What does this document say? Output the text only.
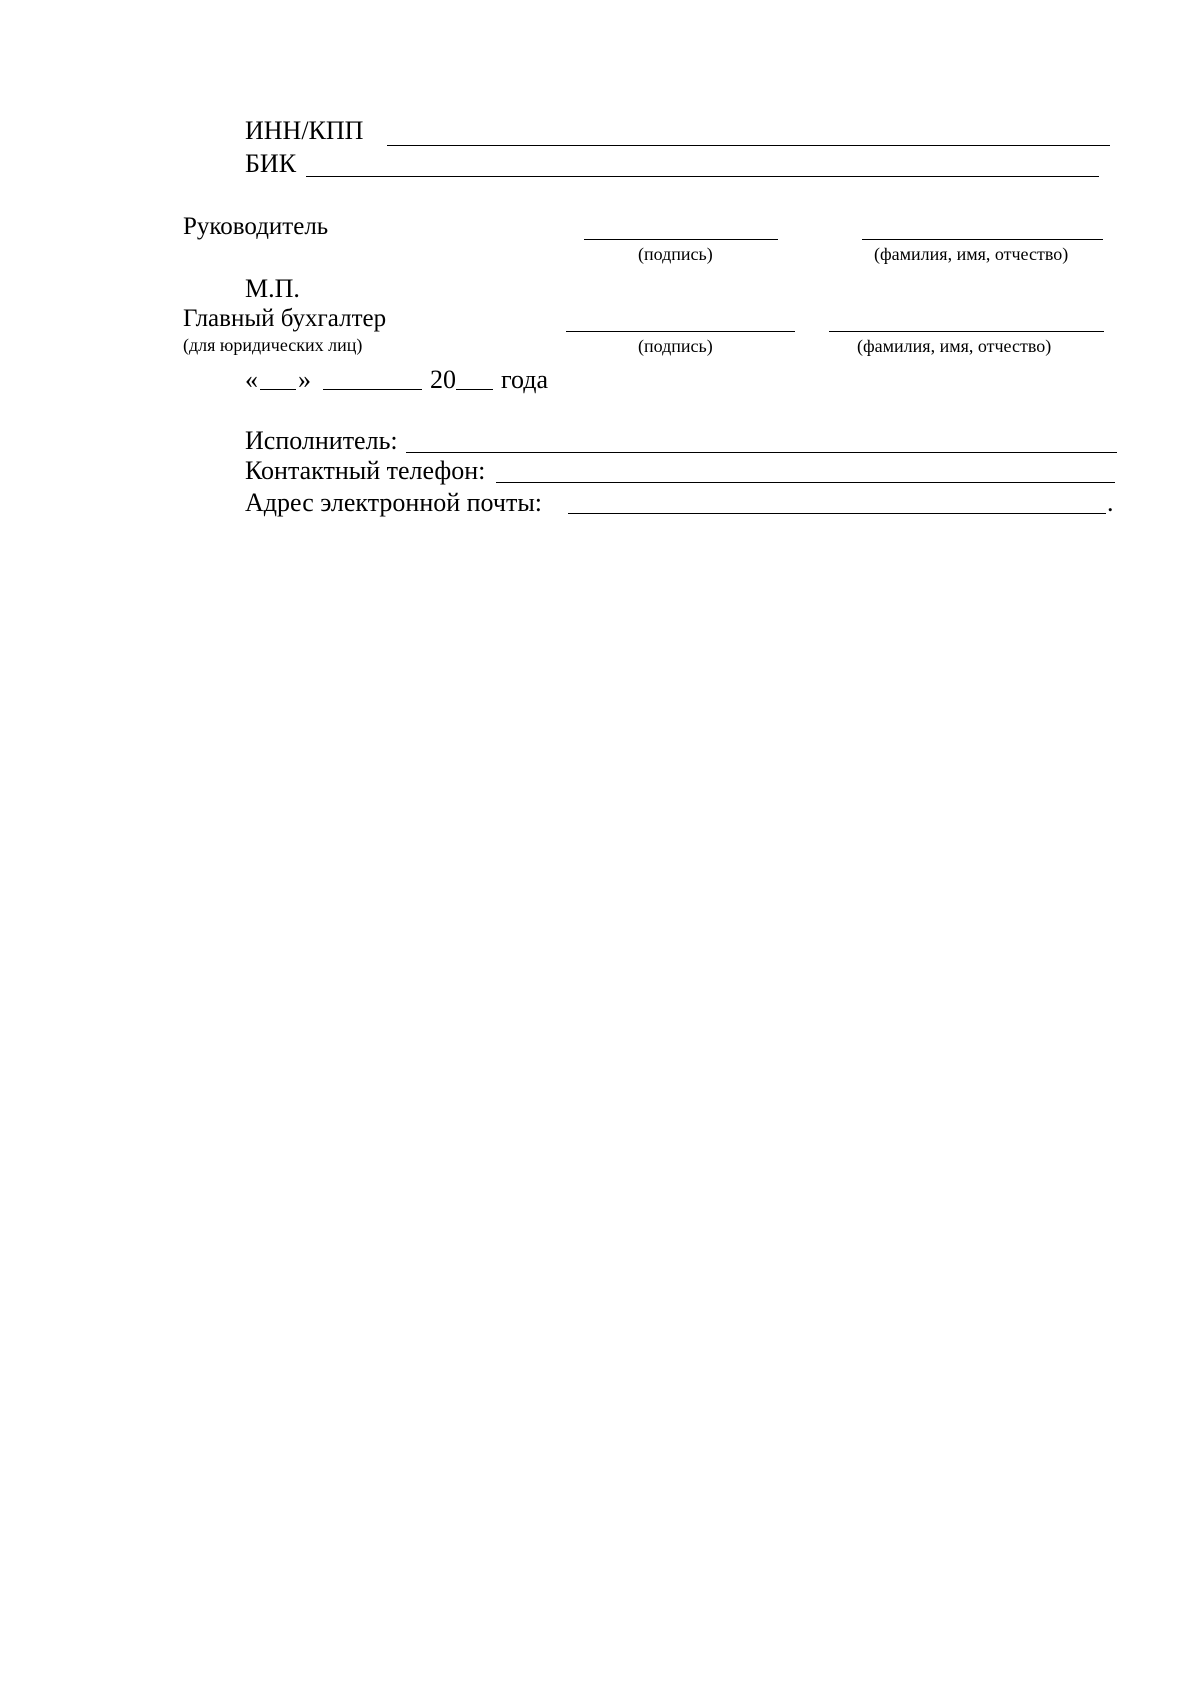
ИНН/КПП
БИК
Руководитель
(подпись)	(фамилия, имя, отчество)
М.П.
Главный бухгалтер
(для юридических лиц)	(подпись)	(фамилия, имя, отчество)
« »	20 года
Исполнитель:
Контактный телефон:
Адрес электронной почты:	.
